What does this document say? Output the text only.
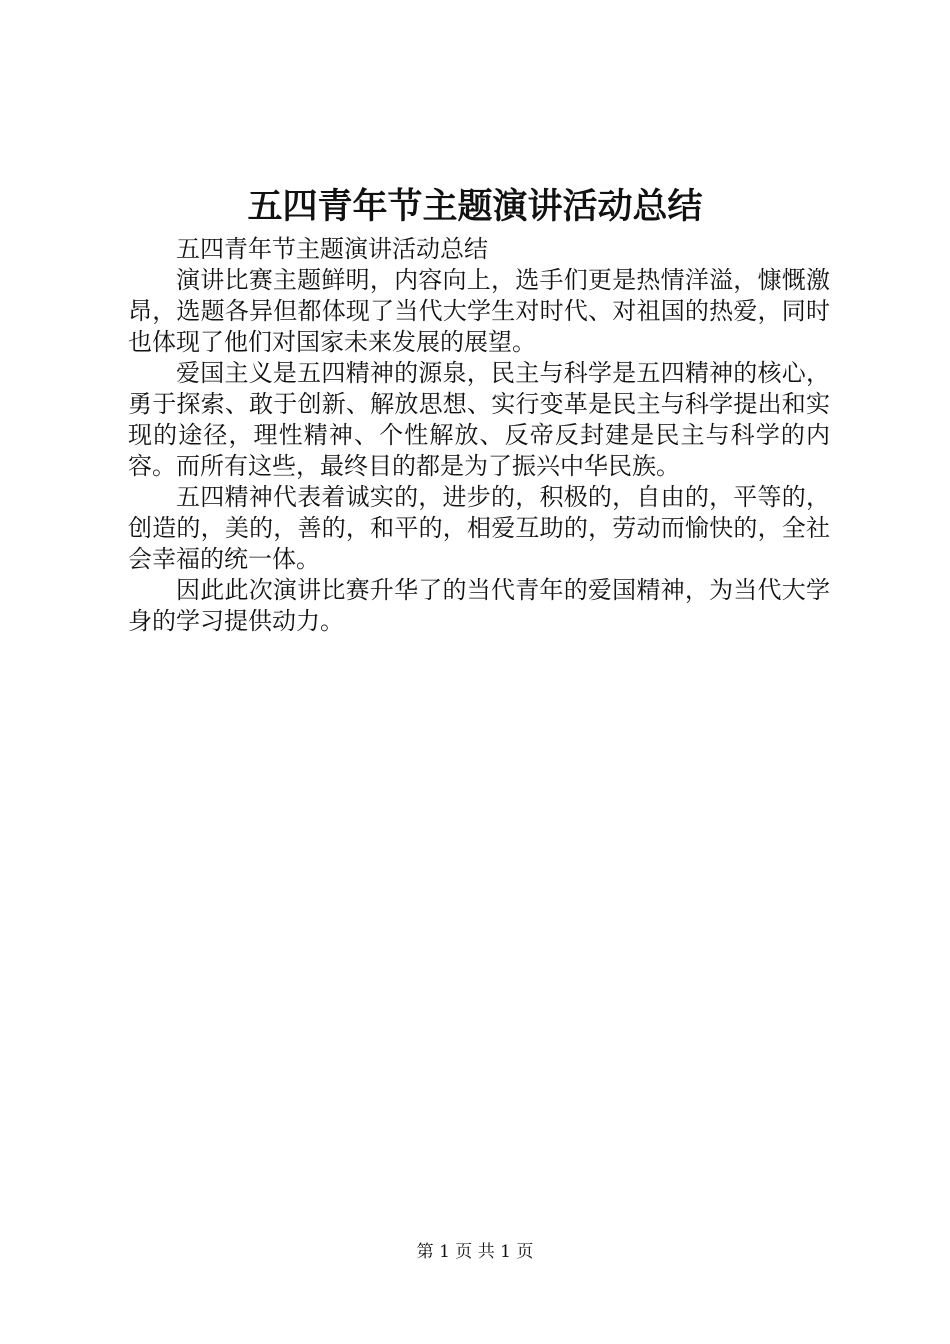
五四青年节主题演讲活动总结

五四青年节主题演讲活动总结

演讲比赛主题鲜明，内容向上，选手们更是热情洋溢，慷慨激昂，选题各异但都体现了当代大学生对时代、对祖国的热爱，同时也体现了他们对国家未来发展的展望。

爱国主义是五四精神的源泉，民主与科学是五四精神的核心，勇于探索、敢于创新、解放思想、实行变革是民主与科学提出和实现的途径，理性精神、个性解放、反帝反封建是民主与科学的内容。而所有这些，最终目的都是为了振兴中华民族。

五四精神代表着诚实的，进步的，积极的，自由的，平等的，创造的，美的，善的，和平的，相爱互助的，劳动而愉快的，全社会幸福的统一体。

因此此次演讲比赛升华了的当代青年的爱国精神，为当代大学身的学习提供动力。

第 1 页 共 1 页
